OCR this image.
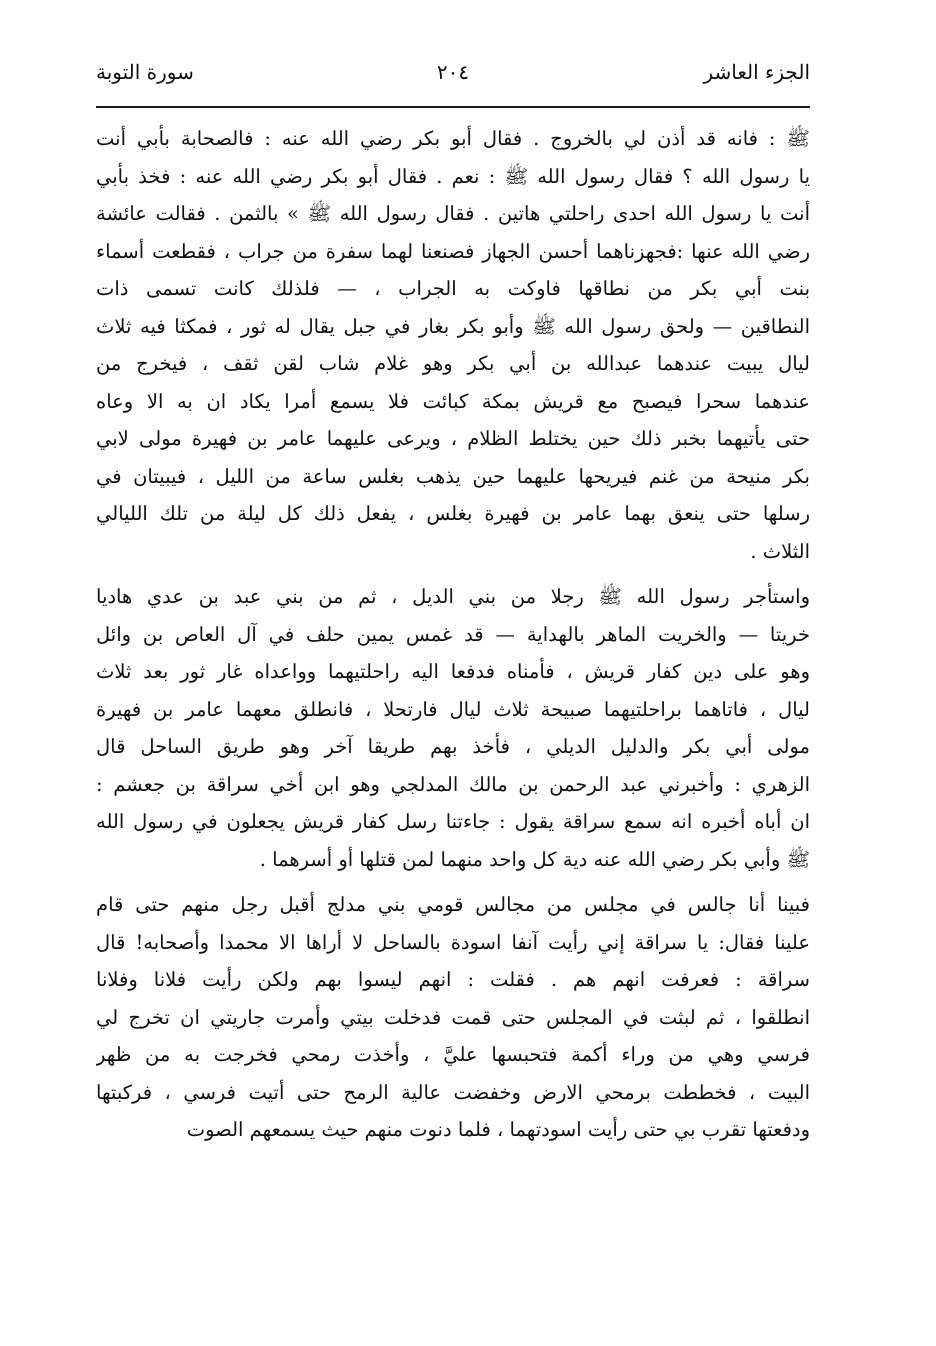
الجزء العاشر
٢٠٤
سورة التوبة
ﷺ : فانه قد أذن لي بالخروج . فقال أبو بكر رضي الله عنه : فالصحابة بأبي أنت
يا رسول الله ؟ فقال رسول الله ﷺ : نعم . فقال أبو بكر رضي الله عنه : فخذ بأبي
أنت يا رسول الله احدى راحلتي هاتين . فقال رسول الله ﷺ » بالثمن . فقالت عائشة
رضي الله عنها :فجهزناهما أحسن الجهاز فصنعنا لهما سفرة من جراب ، فقطعت أسماء
بنت أبي بكر من نطاقها فاوكت به الجراب ، — فلذلك كانت تسمى ذات
النطاقين — ولحق رسول الله ﷺ وأبو بكر بغار في جبل يقال له ثور ، فمكثا فيه ثلاث
ليال يبيت عندهما عبدالله بن أبي بكر وهو غلام شاب لقن ثقف ، فيخرج من
عندهما سحرا فيصبح مع قريش بمكة كبائت فلا يسمع أمرا يكاد ان به الا وعاه
حتى يأتيهما بخبر ذلك حين يختلط الظلام ، ويرعى عليهما عامر بن فهيرة مولى لابي
بكر منيحة من غنم فيريحها عليهما حين يذهب بغلس ساعة من الليل ، فيبيتان في
رسلها حتى ينعق بهما عامر بن فهيرة بغلس ، يفعل ذلك كل ليلة من تلك الليالي
الثلاث .
واستأجر رسول الله ﷺ رجلا من بني الديل ، ثم من بني عبد بن عدي هاديا
خريتا — والخريت الماهر بالهداية — قد غمس يمين حلف في آل العاص بن وائل
وهو على دين كفار قريش ، فأمناه فدفعا اليه راحلتيهما وواعداه غار ثور بعد ثلاث
ليال ، فاتاهما براحلتيهما صبيحة ثلاث ليال فارتحلا ، فانطلق معهما عامر بن فهيرة
مولى أبي بكر والدليل الديلي ، فأخذ بهم طريقا آخر وهو طريق الساحل قال
الزهري : وأخبرني عبد الرحمن بن مالك المدلجي وهو ابن أخي سراقة بن جعشم :
ان أباه أخبره انه سمع سراقة يقول : جاءتنا رسل كفار قريش يجعلون في رسول الله
ﷺ وأبي بكر رضي الله عنه دية كل واحد منهما لمن قتلها أو أسرهما .
فبينا أنا جالس في مجلس من مجالس قومي بني مدلج أقبل رجل منهم حتى قام
علينا فقال: يا سراقة إني رأيت آنفا اسودة بالساحل لا أراها الا محمدا وأصحابه! قال
سراقة : فعرفت انهم هم . فقلت : انهم ليسوا بهم ولكن رأيت فلانا وفلانا
انطلقوا ، ثم لبثت في المجلس حتى قمت فدخلت بيتي وأمرت جاريتي ان تخرج لي
فرسي وهي من وراء أكمة فتحبسها عليَّ ، وأخذت رمحي فخرجت به من ظهر
البيت ، فخططت برمحي الارض وخفضت عالية الرمح حتى أتيت فرسي ، فركبتها
ودفعتها تقرب بي حتى رأيت اسودتهما ، فلما دنوت منهم حيث يسمعهم الصوت
